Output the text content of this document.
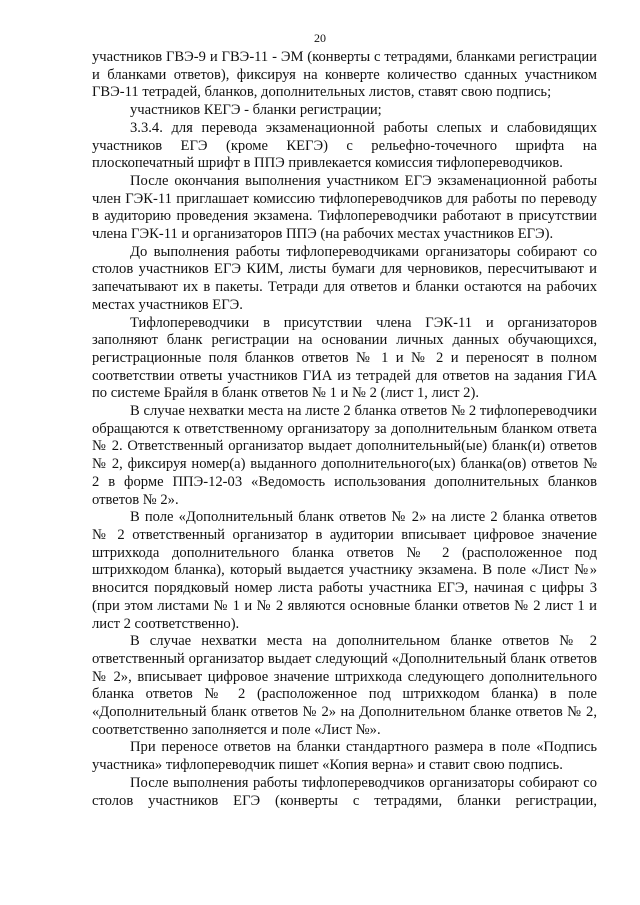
20

участников ГВЭ-9 и ГВЭ-11 - ЭМ (конверты с тетрадями, бланками регистрации и бланками ответов), фиксируя на конверте количество сданных участником ГВЭ-11 тетрадей, бланков, дополнительных листов, ставят свою подпись;

участников КЕГЭ - бланки регистрации;

3.3.4. для перевода экзаменационной работы слепых и слабовидящих участников ЕГЭ (кроме КЕГЭ) с рельефно-точечного шрифта на плоскопечатный шрифт в ППЭ привлекается комиссия тифлопереводчиков.

После окончания выполнения участником ЕГЭ экзаменационной работы член ГЭК-11 приглашает комиссию тифлопереводчиков для работы по переводу в аудиторию проведения экзамена. Тифлопереводчики работают в присутствии члена ГЭК-11 и организаторов ППЭ (на рабочих местах участников ЕГЭ).

До выполнения работы тифлопереводчиками организаторы собирают со столов участников ЕГЭ КИМ, листы бумаги для черновиков, пересчитывают и запечатывают их в пакеты. Тетради для ответов и бланки остаются на рабочих местах участников ЕГЭ.

Тифлопереводчики в присутствии члена ГЭК-11 и организаторов заполняют бланк регистрации на основании личных данных обучающихся, регистрационные поля бланков ответов № 1 и № 2 и переносят в полном соответствии ответы участников ГИА из тетрадей для ответов на задания ГИА по системе Брайля в бланк ответов № 1 и № 2 (лист 1, лист 2).

В случае нехватки места на листе 2 бланка ответов № 2 тифлопереводчики обращаются к ответственному организатору за дополнительным бланком ответа № 2. Ответственный организатор выдает дополнительный(ые) бланк(и) ответов № 2, фиксируя номер(а) выданного дополнительного(ых) бланка(ов) ответов № 2 в форме ППЭ-12-03 «Ведомость использования дополнительных бланков ответов № 2».

В поле «Дополнительный бланк ответов № 2» на листе 2 бланка ответов № 2 ответственный организатор в аудитории вписывает цифровое значение штрихкода дополнительного бланка ответов № 2 (расположенное под штрихкодом бланка), который выдается участнику экзамена. В поле «Лист №» вносится порядковый номер листа работы участника ЕГЭ, начиная с цифры 3 (при этом листами № 1 и № 2 являются основные бланки ответов № 2 лист 1 и лист 2 соответственно).

В случае нехватки места на дополнительном бланке ответов № 2 ответственный организатор выдает следующий «Дополнительный бланк ответов № 2», вписывает цифровое значение штрихкода следующего дополнительного бланка ответов № 2 (расположенное под штрихкодом бланка) в поле «Дополнительный бланк ответов № 2» на Дополнительном бланке ответов № 2, соответственно заполняется и поле «Лист №».

При переносе ответов на бланки стандартного размера в поле «Подпись участника» тифлопереводчик пишет «Копия верна» и ставит свою подпись.

После выполнения работы тифлопереводчиков организаторы собирают со столов участников ЕГЭ (конверты с тетрадями, бланки регистрации,
